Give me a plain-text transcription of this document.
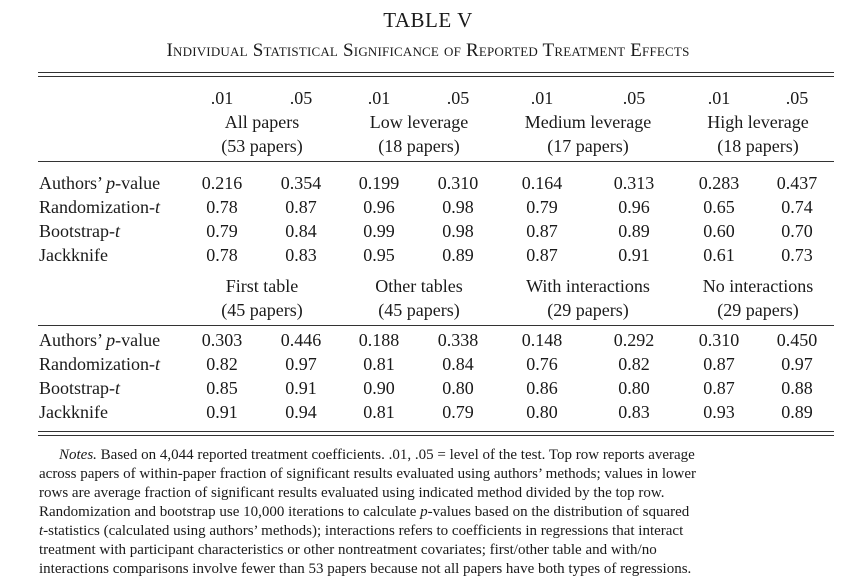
TABLE V
Individual Statistical Significance of Reported Treatment Effects
.01	.05	.01	.05	.01	.05	.01	.05
All papers	Low leverage	Medium leverage	High leverage
(53 papers)	(18 papers)	(17 papers)	(18 papers)
Authors’ p-value 0.216 0.354 0.199 0.310 0.164	0.313 0.283 0.437
Randomization-t	0.78	0.87	0.96	0.98	0.79	0.96	0.65	0.74
Bootstrap-t	0.79	0.84	0.99	0.98	0.87	0.89	0.60	0.70
Jackknife	0.78	0.83	0.95	0.89	0.87	0.91	0.61	0.73
First table	Other tables	With interactions	No interactions
(45 papers)	(45 papers)	(29 papers)	(29 papers)
Authors’ p-value 0.303 0.446 0.188 0.338 0.148	0.292 0.310 0.450
Randomization-t	0.82	0.97	0.81	0.84	0.76	0.82	0.87	0.97
Bootstrap-t	0.85	0.91	0.90	0.80	0.86	0.80	0.87	0.88
Jackknife	0.91	0.94	0.81	0.79	0.80	0.83	0.93	0.89
Notes. Based on 4,044 reported treatment coefficients. .01, .05 = level of the test. Top row reports average
across papers of within-paper fraction of significant results evaluated using authors’ methods; values in lower
rows are average fraction of significant results evaluated using indicated method divided by the top row.
Randomization and bootstrap use 10,000 iterations to calculate p-values based on the distribution of squared
t-statistics (calculated using authors’ methods); interactions refers to coefficients in regressions that interact
treatment with participant characteristics or other nontreatment covariates; first/other table and with/no
interactions comparisons involve fewer than 53 papers because not all papers have both types of regressions.
